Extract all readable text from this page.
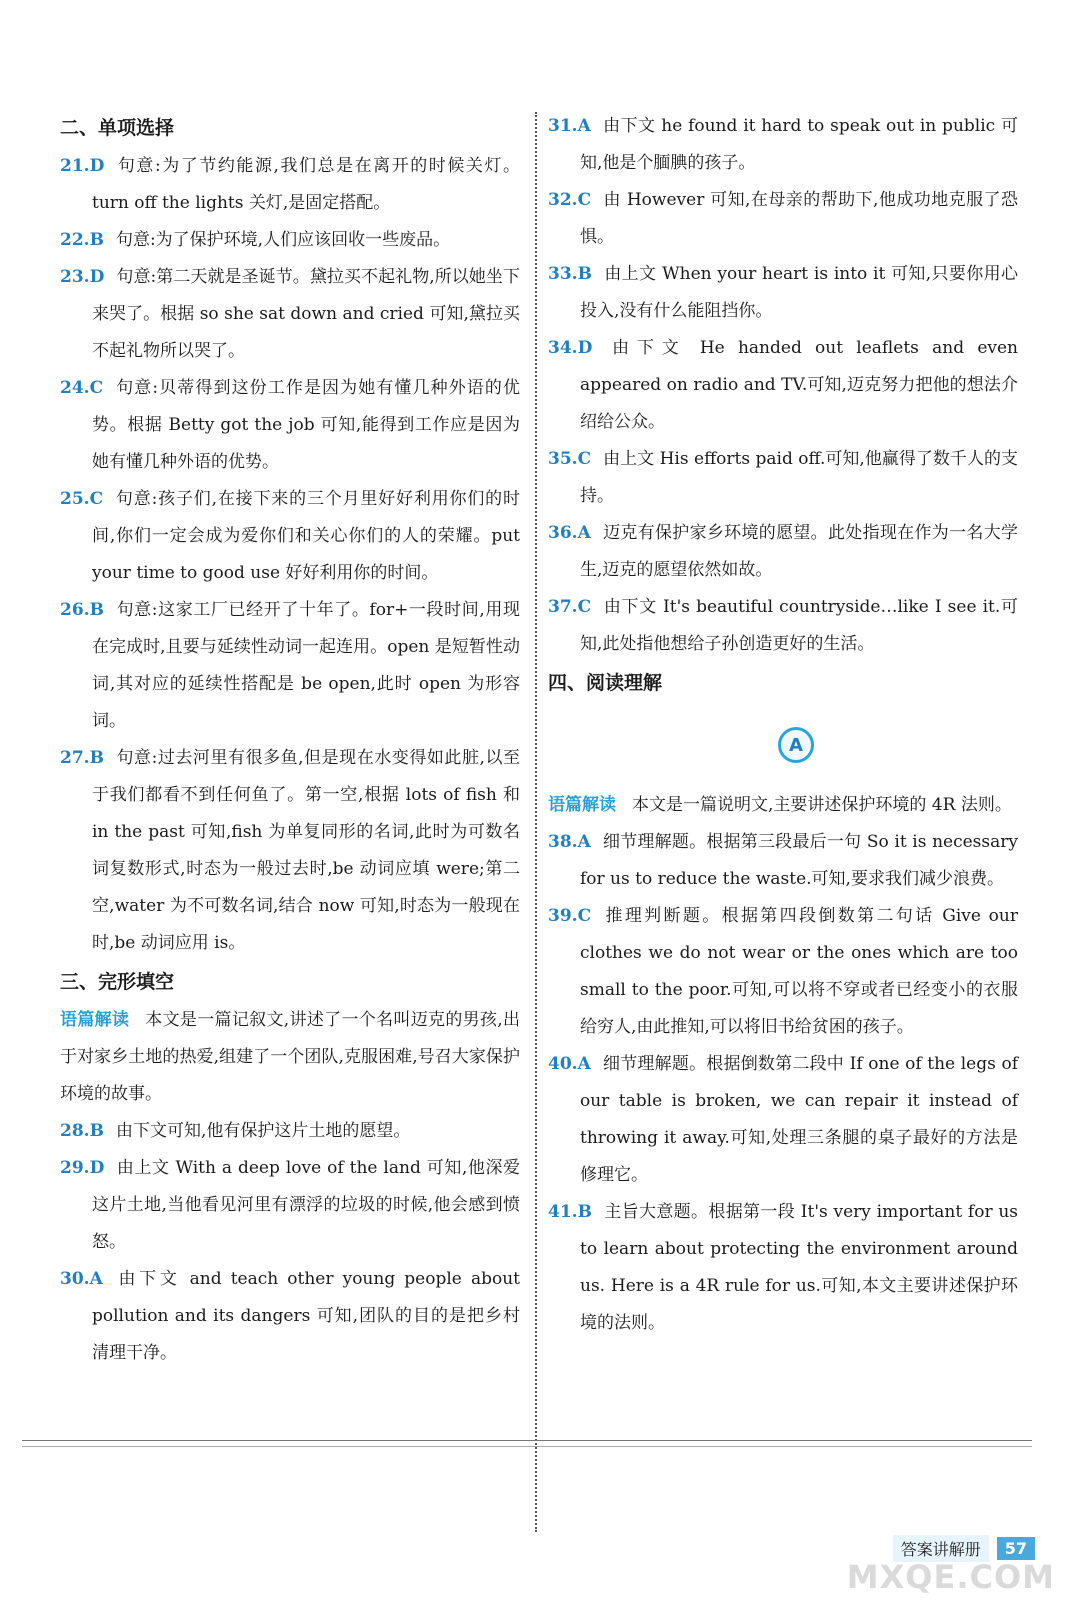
二、单项选择

21.D 句意:为了节约能源,我们总是在离开的时候关灯。turn off the lights 关灯,是固定搭配。

22.B 句意:为了保护环境,人们应该回收一些废品。

23.D 句意:第二天就是圣诞节。黛拉买不起礼物,所以她坐下来哭了。根据 so she sat down and cried 可知,黛拉买不起礼物所以哭了。

24.C 句意:贝蒂得到这份工作是因为她有懂几种外语的优势。根据 Betty got the job 可知,能得到工作应是因为她有懂几种外语的优势。

25.C 句意:孩子们,在接下来的三个月里好好利用你们的时间,你们一定会成为爱你们和关心你们的人的荣耀。put your time to good use 好好利用你的时间。

26.B 句意:这家工厂已经开了十年了。for+一段时间,用现在完成时,且要与延续性动词一起连用。open 是短暂性动词,其对应的延续性搭配是 be open,此时 open 为形容词。

27.B 句意:过去河里有很多鱼,但是现在水变得如此脏,以至于我们都看不到任何鱼了。第一空,根据 lots of fish 和 in the past 可知,fish 为单复同形的名词,此时为可数名词复数形式,时态为一般过去时,be 动词应填 were;第二空,water 为不可数名词,结合 now 可知,时态为一般现在时,be 动词应用 is。

三、完形填空

语篇解读 本文是一篇记叙文,讲述了一个名叫迈克的男孩,出于对家乡土地的热爱,组建了一个团队,克服困难,号召大家保护环境的故事。

28.B 由下文可知,他有保护这片土地的愿望。

29.D 由上文 With a deep love of the land 可知,他深爱这片土地,当他看见河里有漂浮的垃圾的时候,他会感到愤怒。

30.A 由下文 and teach other young people about pollution and its dangers 可知,团队的目的是把乡村清理干净。

31.A 由下文 he found it hard to speak out in public 可知,他是个腼腆的孩子。

32.C 由 However 可知,在母亲的帮助下,他成功地克服了恐惧。

33.B 由上文 When your heart is into it 可知,只要你用心投入,没有什么能阻挡你。

34.D 由下文 He handed out leaflets and even appeared on radio and TV.可知,迈克努力把他的想法介绍给公众。

35.C 由上文 His efforts paid off.可知,他赢得了数千人的支持。

36.A 迈克有保护家乡环境的愿望。此处指现在作为一名大学生,迈克的愿望依然如故。

37.C 由下文 It's beautiful countryside…like I see it.可知,此处指他想给子孙创造更好的生活。

四、阅读理解
A

语篇解读 本文是一篇说明文,主要讲述保护环境的 4R 法则。

38.A 细节理解题。根据第三段最后一句 So it is necessary for us to reduce the waste.可知,要求我们减少浪费。

39.C 推理判断题。根据第四段倒数第二句话 Give our clothes we do not wear or the ones which are too small to the poor.可知,可以将不穿或者已经变小的衣服给穷人,由此推知,可以将旧书给贫困的孩子。

40.A 细节理解题。根据倒数第二段中 If one of the legs of our table is broken, we can repair it instead of throwing it away.可知,处理三条腿的桌子最好的方法是修理它。

41.B 主旨大意题。根据第一段 It's very important for us to learn about protecting the environment around us. Here is a 4R rule for us.可知,本文主要讲述保护环境的法则。

答案讲解册	57
MXQE.COM
